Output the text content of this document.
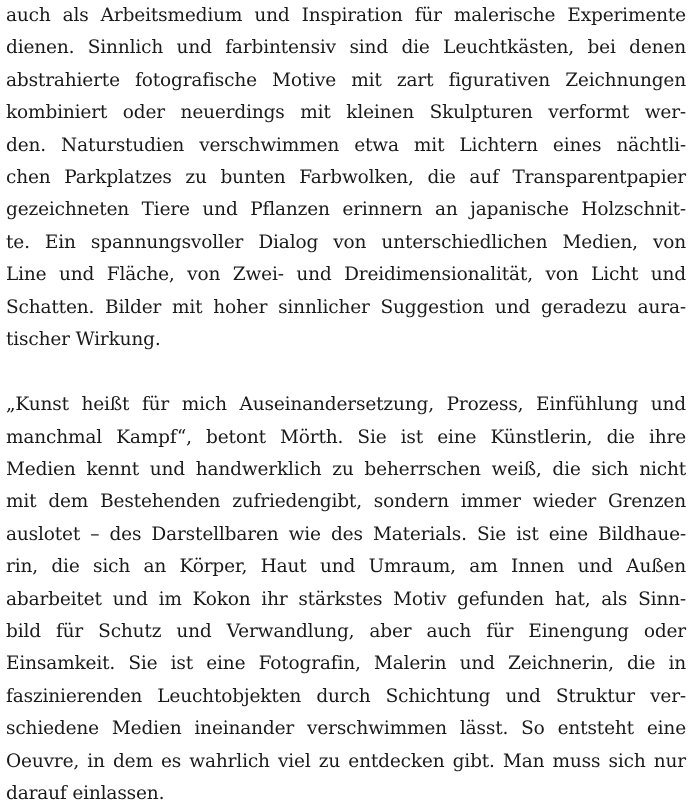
auch als Arbeitsmedium und Inspiration für malerische Experimente
dienen. Sinnlich und farbintensiv sind die Leuchtkästen, bei denen
abstrahierte fotografische Motive mit zart figurativen Zeichnungen
kombiniert oder neuerdings mit kleinen Skulpturen verformt wer-
den. Naturstudien verschwimmen etwa mit Lichtern eines nächtli-
chen Parkplatzes zu bunten Farbwolken, die auf Transparentpapier
gezeichneten Tiere und Pflanzen erinnern an japanische Holzschnit-
te. Ein spannungsvoller Dialog von unterschiedlichen Medien, von
Line und Fläche, von Zwei- und Dreidimensionalität, von Licht und
Schatten. Bilder mit hoher sinnlicher Suggestion und geradezu aura-
tischer Wirkung.
„Kunst heißt für mich Auseinandersetzung, Prozess, Einfühlung und
manchmal Kampf“, betont Mörth. Sie ist eine Künstlerin, die ihre
Medien kennt und handwerklich zu beherrschen weiß, die sich nicht
mit dem Bestehenden zufriedengibt, sondern immer wieder Grenzen
auslotet – des Darstellbaren wie des Materials. Sie ist eine Bildhaue-
rin, die sich an Körper, Haut und Umraum, am Innen und Außen
abarbeitet und im Kokon ihr stärkstes Motiv gefunden hat, als Sinn-
bild für Schutz und Verwandlung, aber auch für Einengung oder
Einsamkeit. Sie ist eine Fotografin, Malerin und Zeichnerin, die in
faszinierenden Leuchtobjekten durch Schichtung und Struktur ver-
schiedene Medien ineinander verschwimmen lässt. So entsteht eine
Oeuvre, in dem es wahrlich viel zu entdecken gibt. Man muss sich nur
darauf einlassen.
